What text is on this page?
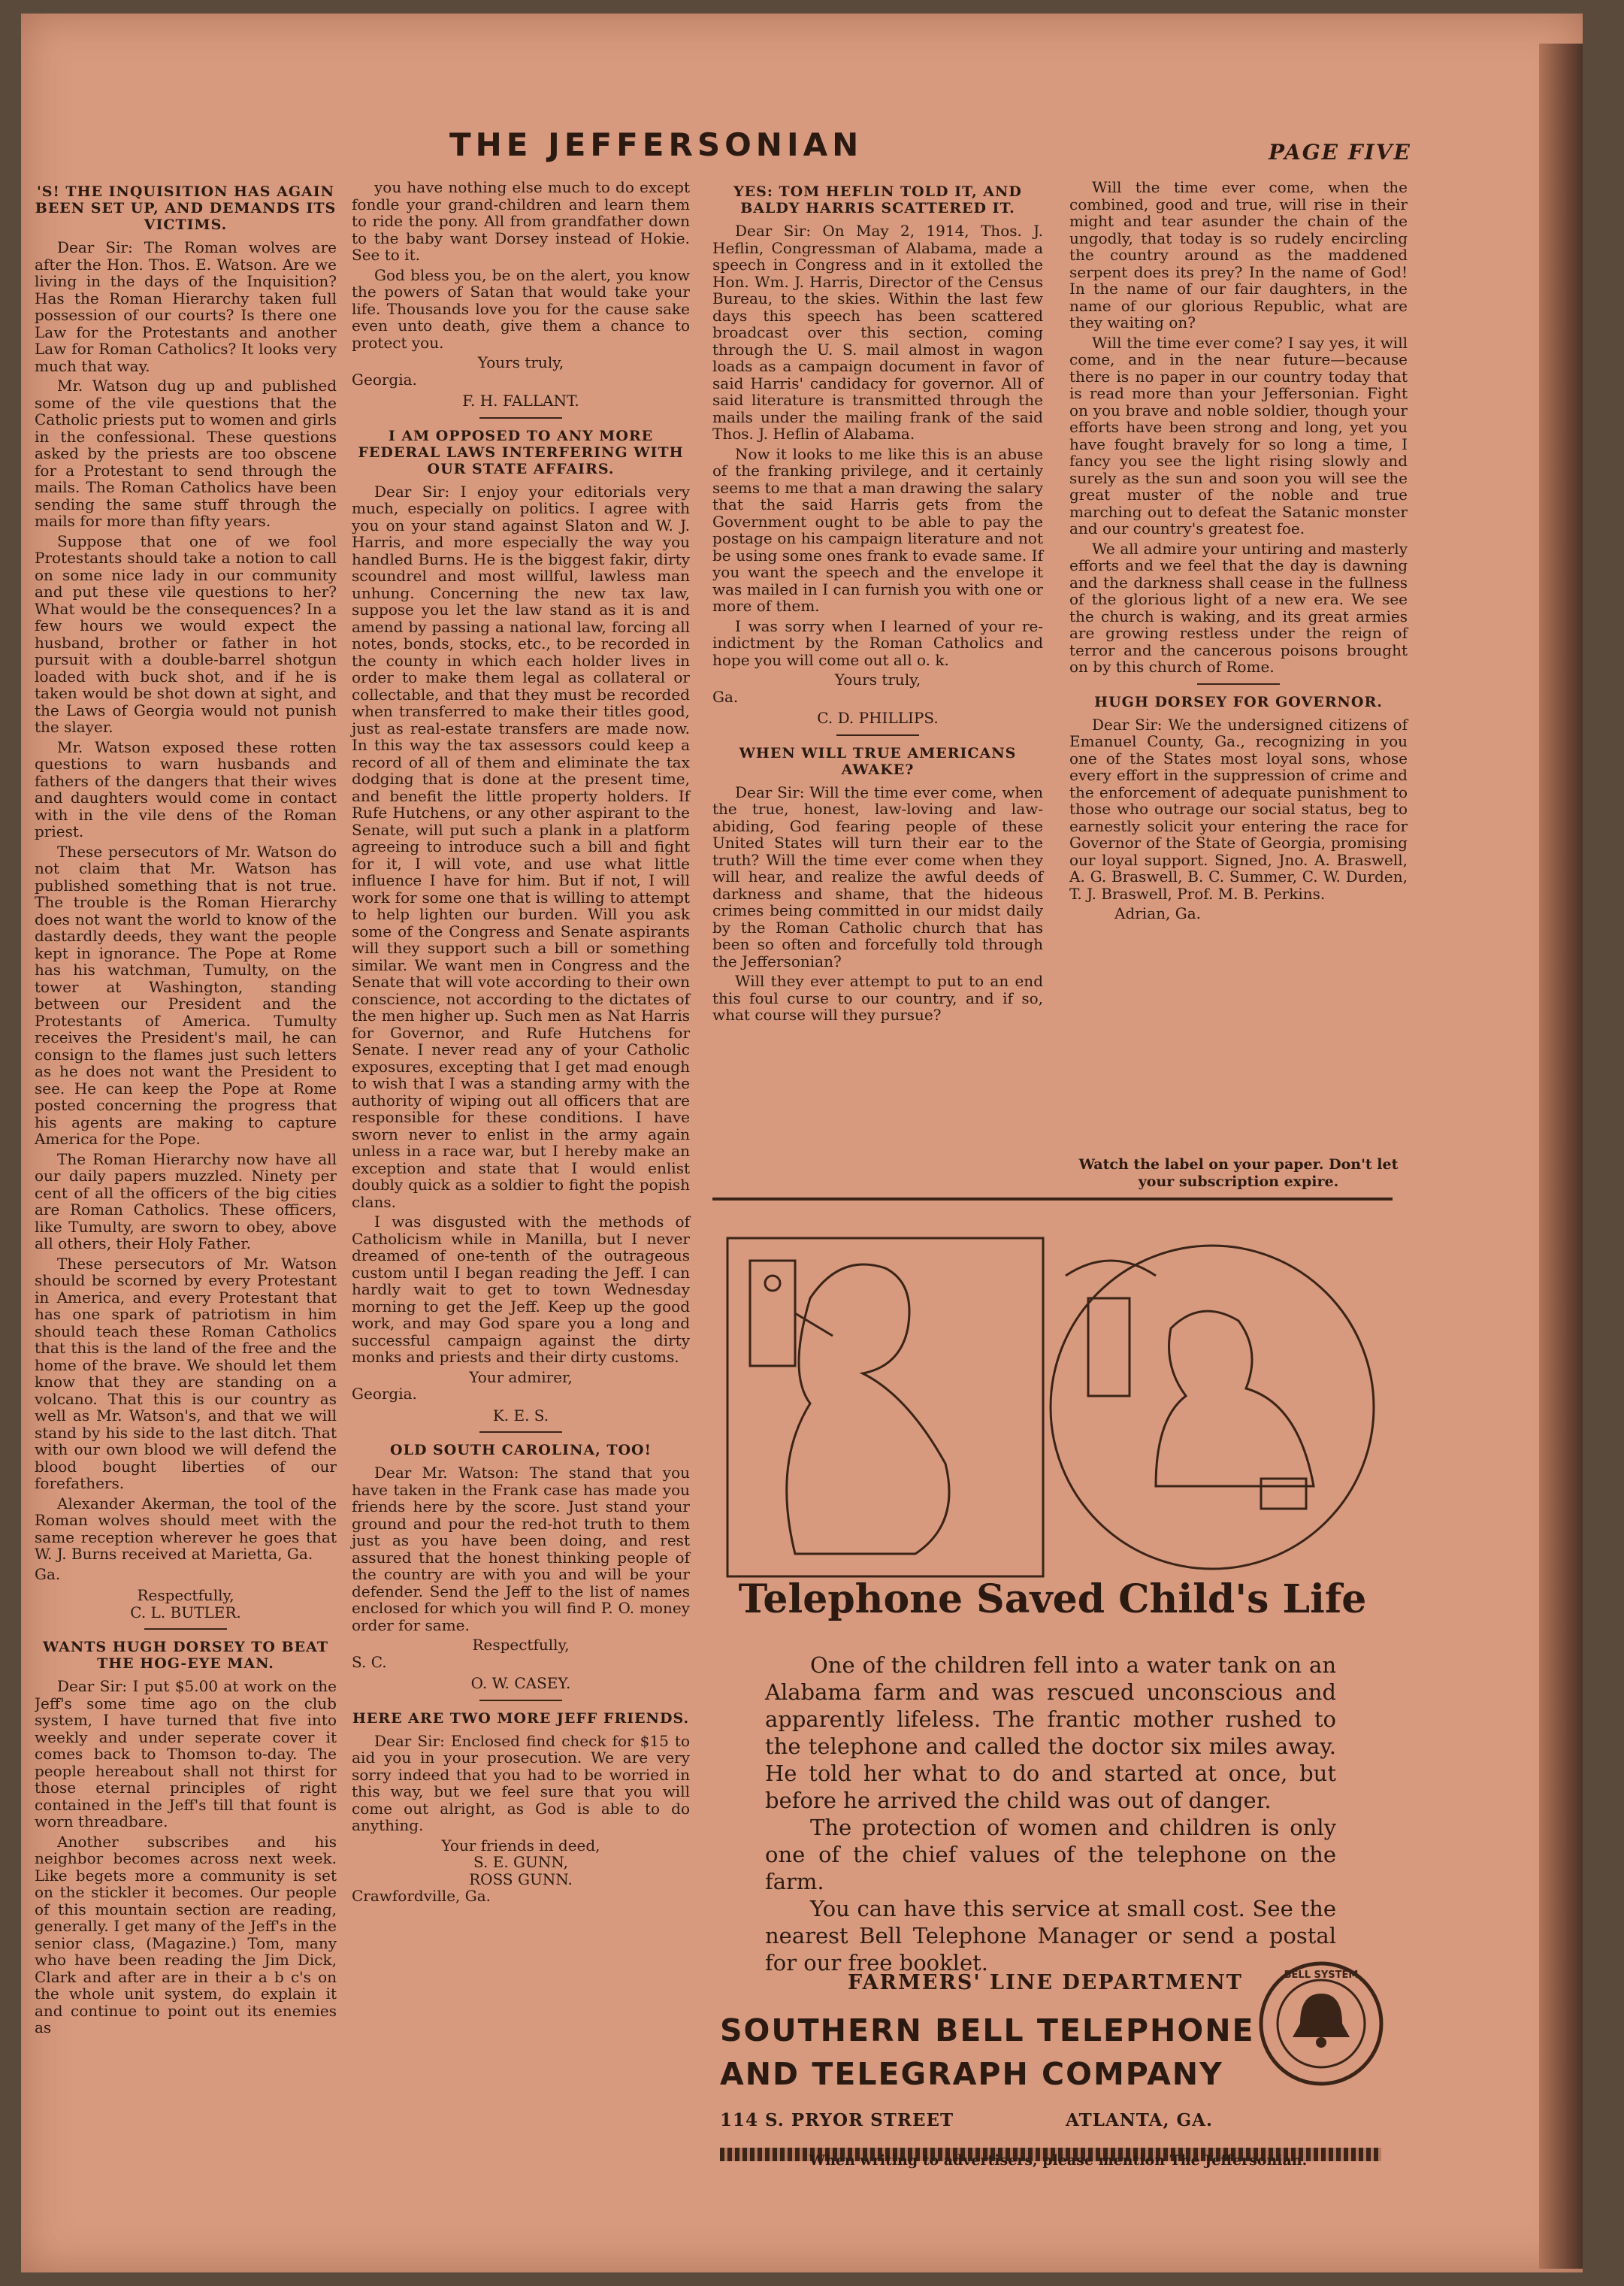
THE JEFFERSONIAN	PAGE FIVE
'S! THE INQUISITION HAS AGAIN BEEN SET UP, AND DEMANDS ITS VICTIMS.

Dear Sir: The Roman wolves are after the Hon. Thos. E. Watson. Are we living in the days of the Inquisition? Has the Roman Hierarchy taken full possession of our courts? Is there one Law for the Protestants and another Law for Roman Catholics? It looks very much that way.

Mr. Watson dug up and published some of the vile questions that the Catholic priests put to women and girls in the confessional. These questions asked by the priests are too obscene for a Protestant to send through the mails. The Roman Catholics have been sending the same stuff through the mails for more than fifty years.

Suppose that one of we fool Protestants should take a notion to call on some nice lady in our community and put these vile questions to her? What would be the consequences? In a few hours we would expect the husband, brother or father in hot pursuit with a double-barrel shotgun loaded with buck shot, and if he is taken would be shot down at sight, and the Laws of Georgia would not punish the slayer.

Mr. Watson exposed these rotten questions to warn husbands and fathers of the dangers that their wives and daughters would come in contact with in the vile dens of the Roman priest.

These persecutors of Mr. Watson do not claim that Mr. Watson has published something that is not true. The trouble is the Roman Hierarchy does not want the world to know of the dastardly deeds, they want the people kept in ignorance. The Pope at Rome has his watchman, Tumulty, on the tower at Washington, standing between our President and the Protestants of America. Tumulty receives the President's mail, he can consign to the flames just such letters as he does not want the President to see. He can keep the Pope at Rome posted concerning the progress that his agents are making to capture America for the Pope.

The Roman Hierarchy now have all our daily papers muzzled. Ninety per cent of all the officers of the big cities are Roman Catholics. These officers, like Tumulty, are sworn to obey, above all others, their Holy Father.

These persecutors of Mr. Watson should be scorned by every Protestant in America, and every Protestant that has one spark of patriotism in him should teach these Roman Catholics that this is the land of the free and the home of the brave. We should let them know that they are standing on a volcano. That this is our country as well as Mr. Watson's, and that we will stand by his side to the last ditch. That with our own blood we will defend the blood bought liberties of our forefathers.

Alexander Akerman, the tool of the Roman wolves should meet with the same reception wherever he goes that W. J. Burns received at Marietta, Ga.

Ga.

Respectfully,

C. L. BUTLER.

WANTS HUGH DORSEY TO BEAT THE HOG-EYE MAN.

Dear Sir: I put $5.00 at work on the Jeff's some time ago on the club system, I have turned that five into weekly and under seperate cover it comes back to Thomson to-day. The people hereabout shall not thirst for those eternal principles of right contained in the Jeff's till that fount is worn threadbare.

Another subscribes and his neighbor becomes across next week. Like begets more a community is set on the stickler it becomes. Our people of this mountain section are reading, generally. I get many of the Jeff's in the senior class, (Magazine.) Tom, many who have been reading the Jim Dick, Clark and after are in their a b c's on the whole unit system, do explain it and continue to point out its enemies as

you have nothing else much to do except fondle your grand-children and learn them to ride the pony. All from grandfather down to the baby want Dorsey instead of Hokie. See to it.

God bless you, be on the alert, you know the powers of Satan that would take your life. Thousands love you for the cause sake even unto death, give them a chance to protect you.

Yours truly,

Georgia.

F. H. FALLANT.

I AM OPPOSED TO ANY MORE FEDERAL LAWS INTERFERING WITH OUR STATE AFFAIRS.

Dear Sir: I enjoy your editorials very much, especially on politics. I agree with you on your stand against Slaton and W. J. Harris, and more especially the way you handled Burns. He is the biggest fakir, dirty scoundrel and most willful, lawless man unhung. Concerning the new tax law, suppose you let the law stand as it is and amend by passing a national law, forcing all notes, bonds, stocks, etc., to be recorded in the county in which each holder lives in order to make them legal as collateral or collectable, and that they must be recorded when transferred to make their titles good, just as real-estate transfers are made now. In this way the tax assessors could keep a record of all of them and eliminate the tax dodging that is done at the present time, and benefit the little property holders. If Rufe Hutchens, or any other aspirant to the Senate, will put such a plank in a platform agreeing to introduce such a bill and fight for it, I will vote, and use what little influence I have for him. But if not, I will work for some one that is willing to attempt to help lighten our burden. Will you ask some of the Congress and Senate aspirants will they support such a bill or something similar. We want men in Congress and the Senate that will vote according to their own conscience, not according to the dictates of the men higher up. Such men as Nat Harris for Governor, and Rufe Hutchens for Senate. I never read any of your Catholic exposures, excepting that I get mad enough to wish that I was a standing army with the authority of wiping out all officers that are responsible for these conditions. I have sworn never to enlist in the army again unless in a race war, but I hereby make an exception and state that I would enlist doubly quick as a soldier to fight the popish clans.

I was disgusted with the methods of Catholicism while in Manilla, but I never dreamed of one-tenth of the outrageous custom until I began reading the Jeff. I can hardly wait to get to town Wednesday morning to get the Jeff. Keep up the good work, and may God spare you a long and successful campaign against the dirty monks and priests and their dirty customs.

Your admirer,

Georgia.

K. E. S.

OLD SOUTH CAROLINA, TOO!

Dear Mr. Watson: The stand that you have taken in the Frank case has made you friends here by the score. Just stand your ground and pour the red-hot truth to them just as you have been doing, and rest assured that the honest thinking people of the country are with you and will be your defender. Send the Jeff to the list of names enclosed for which you will find P. O. money order for same.

Respectfully,

S. C.

O. W. CASEY.

HERE ARE TWO MORE JEFF FRIENDS.

Dear Sir: Enclosed find check for $15 to aid you in your prosecution. We are very sorry indeed that you had to be worried in this way, but we feel sure that you will come out alright, as God is able to do anything.

Your friends in deed,

S. E. GUNN,

ROSS GUNN.

Crawfordville, Ga.

YES: TOM HEFLIN TOLD IT, AND BALDY HARRIS SCATTERED IT.

Dear Sir: On May 2, 1914, Thos. J. Heflin, Congressman of Alabama, made a speech in Congress and in it extolled the Hon. Wm. J. Harris, Director of the Census Bureau, to the skies. Within the last few days this speech has been scattered broadcast over this section, coming through the U. S. mail almost in wagon loads as a campaign document in favor of said Harris' candidacy for governor. All of said literature is transmitted through the mails under the mailing frank of the said Thos. J. Heflin of Alabama.

Now it looks to me like this is an abuse of the franking privilege, and it certainly seems to me that a man drawing the salary that the said Harris gets from the Government ought to be able to pay the postage on his campaign literature and not be using some ones frank to evade same. If you want the speech and the envelope it was mailed in I can furnish you with one or more of them.

I was sorry when I learned of your re-indictment by the Roman Catholics and hope you will come out all o. k.

Yours truly,

Ga.

C. D. PHILLIPS.

WHEN WILL TRUE AMERICANS AWAKE?

Dear Sir: Will the time ever come, when the true, honest, law-loving and law-abiding, God fearing people of these United States will turn their ear to the truth? Will the time ever come when they will hear, and realize the awful deeds of darkness and shame, that the hideous crimes being committed in our midst daily by the Roman Catholic church that has been so often and forcefully told through the Jeffersonian?

Will they ever attempt to put to an end this foul curse to our country, and if so, what course will they pursue?

Will the time ever come, when the combined, good and true, will rise in their might and tear asunder the chain of the ungodly, that today is so rudely encircling the country around as the maddened serpent does its prey? In the name of God! In the name of our fair daughters, in the name of our glorious Republic, what are they waiting on?

Will the time ever come? I say yes, it will come, and in the near future—because there is no paper in our country today that is read more than your Jeffersonian. Fight on you brave and noble soldier, though your efforts have been strong and long, yet you have fought bravely for so long a time, I fancy you see the light rising slowly and surely as the sun and soon you will see the great muster of the noble and true marching out to defeat the Satanic monster and our country's greatest foe.

We all admire your untiring and masterly efforts and we feel that the day is dawning and the darkness shall cease in the fullness of the glorious light of a new era. We see the church is waking, and its great armies are growing restless under the reign of terror and the cancerous poisons brought on by this church of Rome.

HUGH DORSEY FOR GOVERNOR.

Dear Sir: We the undersigned citizens of Emanuel County, Ga., recognizing in you one of the States most loyal sons, whose every effort in the suppression of crime and the enforcement of adequate punishment to those who outrage our social status, beg to earnestly solicit your entering the race for Governor of the State of Georgia, promising our loyal support. Signed, Jno. A. Braswell, A. G. Braswell, B. C. Summer, C. W. Durden, T. J. Braswell, Prof. M. B. Perkins.

Adrian, Ga.

Watch the label on your paper. Don't let your subscription expire.
Telephone Saved Child's Life

One of the children fell into a water tank on an Alabama farm and was rescued unconscious and apparently lifeless. The frantic mother rushed to the telephone and called the doctor six miles away. He told her what to do and started at once, but before he arrived the child was out of danger.

The protection of women and children is only one of the chief values of the telephone on the farm.

You can have this service at small cost. See the nearest Bell Telephone Manager or send a postal for our free booklet.

FARMERS' LINE DEPARTMENT
SOUTHERN BELL TELEPHONE
AND TELEGRAPH COMPANY
114 S. PRYOR STREET	ATLANTA, GA.
BELL SYSTEM
When writing to advertisers, please mention The Jeffersonian.
